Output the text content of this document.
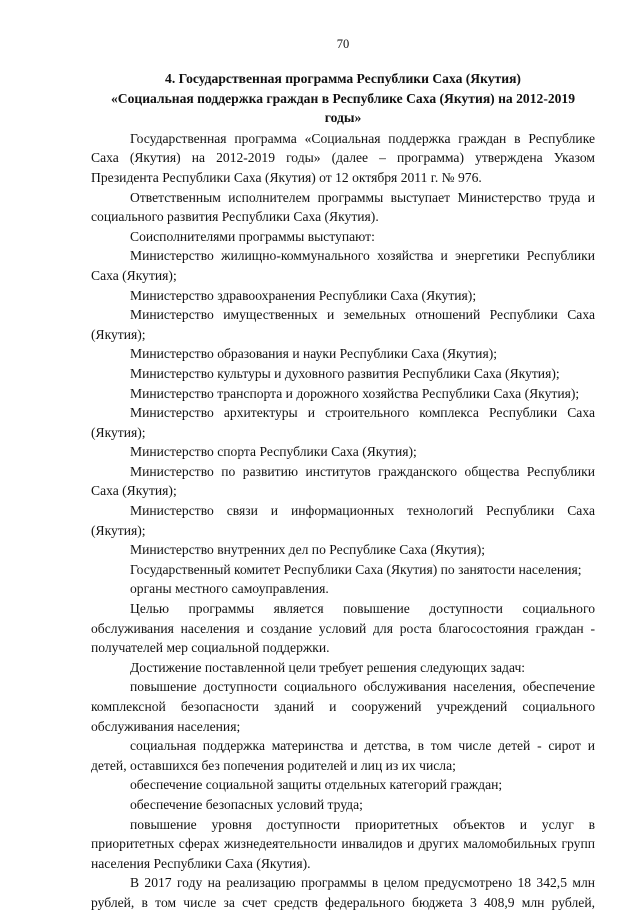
70
4. Государственная программа Республики Саха (Якутия)
«Социальная поддержка граждан в Республике Саха (Якутия) на 2012-2019
годы»

Государственная программа «Социальная поддержка граждан в Республике Саха (Якутия) на 2012-2019 годы» (далее – программа) утверждена Указом Президента Республики Саха (Якутия) от 12 октября 2011 г. № 976.

Ответственным исполнителем программы выступает Министерство труда и социального развития Республики Саха (Якутия).

Соисполнителями программы выступают:

Министерство жилищно-коммунального хозяйства и энергетики Республики Саха (Якутия);

Министерство здравоохранения Республики Саха (Якутия);

Министерство имущественных и земельных отношений Республики Саха (Якутия);

Министерство образования и науки Республики Саха (Якутия);

Министерство культуры и духовного развития Республики Саха (Якутия);

Министерство транспорта и дорожного хозяйства Республики Саха (Якутия);

Министерство архитектуры и строительного комплекса Республики Саха (Якутия);

Министерство спорта Республики Саха (Якутия);

Министерство по развитию институтов гражданского общества Республики Саха (Якутия);

Министерство связи и информационных технологий Республики Саха (Якутия);

Министерство внутренних дел по Республике Саха (Якутия);

Государственный комитет Республики Саха (Якутия) по занятости населения;

органы местного самоуправления.

Целью программы является повышение доступности социального обслуживания населения и создание условий для роста благосостояния граждан - получателей мер социальной поддержки.

Достижение поставленной цели требует решения следующих задач:

повышение доступности социального обслуживания населения, обеспечение комплексной безопасности зданий и сооружений учреждений социального обслуживания населения;

социальная поддержка материнства и детства, в том числе детей - сирот и детей, оставшихся без попечения родителей и лиц из их числа;

обеспечение социальной защиты отдельных категорий граждан;

обеспечение безопасных условий труда;

повышение уровня доступности приоритетных объектов и услуг в приоритетных сферах жизнедеятельности инвалидов и других маломобильных групп населения Республики Саха (Якутия).

В 2017 году на реализацию программы в целом предусмотрено 18 342,5 млн рублей, в том числе за счет средств федерального бюджета 3 408,9 млн рублей,
